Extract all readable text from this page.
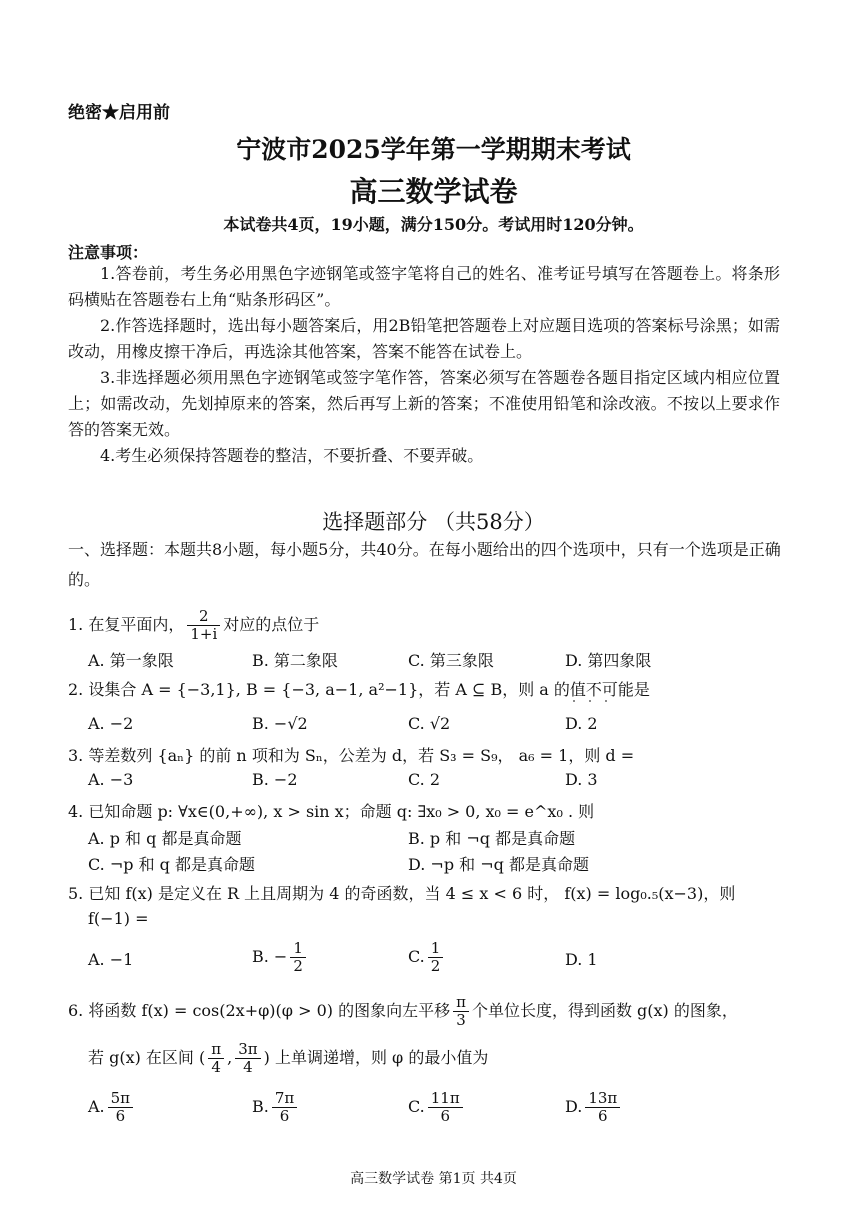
绝密★启用前
宁波市2025学年第一学期期末考试
高三数学试卷
本试卷共4页，19小题，满分150分。考试用时120分钟。
注意事项：
1.答卷前，考生务必用黑色字迹钢笔或签字笔将自己的姓名、准考证号填写在答题卷上。将条形码横贴在答题卷右上角“贴条形码区”。
2.作答选择题时，选出每小题答案后，用2B铅笔把答题卷上对应题目选项的答案标号涂黑；如需改动，用橡皮擦干净后，再选涂其他答案，答案不能答在试卷上。
3.非选择题必须用黑色字迹钢笔或签字笔作答，答案必须写在答题卷各题目指定区域内相应位置上；如需改动，先划掉原来的答案，然后再写上新的答案；不准使用铅笔和涂改液。不按以上要求作答的答案无效。
4.考生必须保持答题卷的整洁，不要折叠、不要弄破。
选择题部分 （共58分）
一、选择题：本题共8小题，每小题5分，共40分。在每小题给出的四个选项中，只有一个选项是正确的。
1. 在复平面内， $\frac{2}{1+i}$ 对应的点位于
A. 第一象限	B. 第二象限	C. 第三象限	D. 第四象限
2. 设集合 A = {−3,1}, B = {−3, a−1, a²−1}，若 A ⊆ B，则 a 的值不可能是
A. −2	B. −√2	C. √2	D. 2
3. 等差数列 {aₙ} 的前 n 项和为 Sₙ，公差为 d，若 S₃ = S₉， a₆ = 1，则 d =
A. −3	B. −2	C. 2	D. 3
4. 已知命题 p: ∀x∈(0,+∞), x > sin x；命题 q: ∃x₀ > 0, x₀ = e^x₀ . 则
A. p 和 q 都是真命题	B. p 和 ¬q 都是真命题
C. ¬p 和 q 都是真命题	D. ¬p 和 ¬q 都是真命题
5. 已知 f(x) 是定义在 R 上且周期为 4 的奇函数，当 4 ≤ x < 6 时， f(x) = log₀.₅(x−3)，则
f(−1) =
A. −1	B. − $\frac{1}{2}$	C. $\frac{1}{2}$	D. 1
6. 将函数 f(x) = cos(2x+φ)(φ > 0) 的图象向左平移 $\frac{\pi}{3}$ 个单位长度，得到函数 g(x) 的图象，
若 g(x) 在区间 ( $\frac{\pi}{4}$ , $\frac{3\pi}{4}$ ) 上单调递增，则 φ 的最小值为
A. $\frac{5\pi}{6}$	B. $\frac{7\pi}{6}$	C. $\frac{11\pi}{6}$	D. $\frac{13\pi}{6}$
高三数学试卷 第1页 共4页
